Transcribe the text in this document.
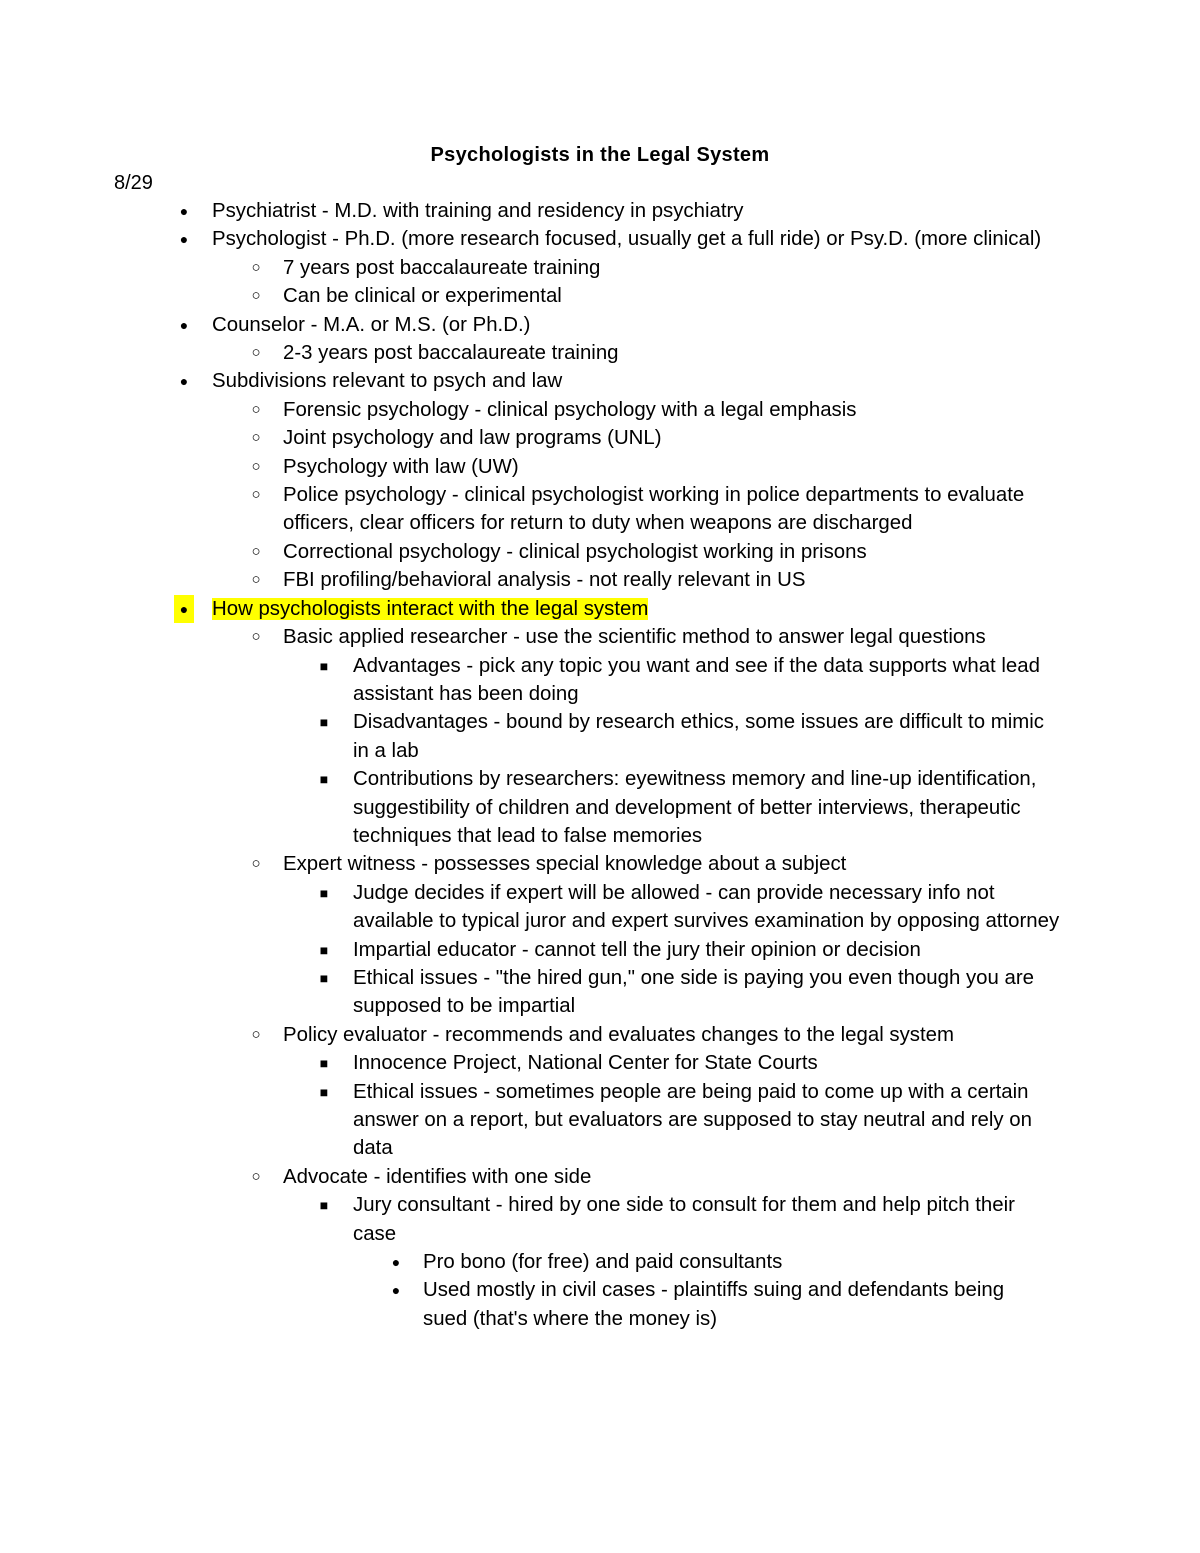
Psychologists in the Legal System
8/29
● Psychiatrist - M.D. with training and residency in psychiatry
● Psychologist - Ph.D. (more research focused, usually get a full ride) or Psy.D. (more clinical)
○ 7 years post baccalaureate training
○ Can be clinical or experimental
● Counselor - M.A. or M.S. (or Ph.D.)
○ 2-3 years post baccalaureate training
● Subdivisions relevant to psych and law
○ Forensic psychology - clinical psychology with a legal emphasis
○ Joint psychology and law programs (UNL)
○ Psychology with law (UW)
○ Police psychology - clinical psychologist working in police departments to evaluate officers, clear officers for return to duty when weapons are discharged
○ Correctional psychology - clinical psychologist working in prisons
○ FBI profiling/behavioral analysis - not really relevant in US
● How psychologists interact with the legal system
○ Basic applied researcher - use the scientific method to answer legal questions
■ Advantages - pick any topic you want and see if the data supports what lead assistant has been doing
■ Disadvantages - bound by research ethics, some issues are difficult to mimic in a lab
■ Contributions by researchers: eyewitness memory and line-up identification, suggestibility of children and development of better interviews, therapeutic techniques that lead to false memories
○ Expert witness - possesses special knowledge about a subject
■ Judge decides if expert will be allowed - can provide necessary info not available to typical juror and expert survives examination by opposing attorney
■ Impartial educator - cannot tell the jury their opinion or decision
■ Ethical issues - "the hired gun," one side is paying you even though you are supposed to be impartial
○ Policy evaluator - recommends and evaluates changes to the legal system
■ Innocence Project, National Center for State Courts
■ Ethical issues - sometimes people are being paid to come up with a certain answer on a report, but evaluators are supposed to stay neutral and rely on data
○ Advocate - identifies with one side
■ Jury consultant - hired by one side to consult for them and help pitch their case
● Pro bono (for free) and paid consultants
● Used mostly in civil cases - plaintiffs suing and defendants being sued (that's where the money is)
